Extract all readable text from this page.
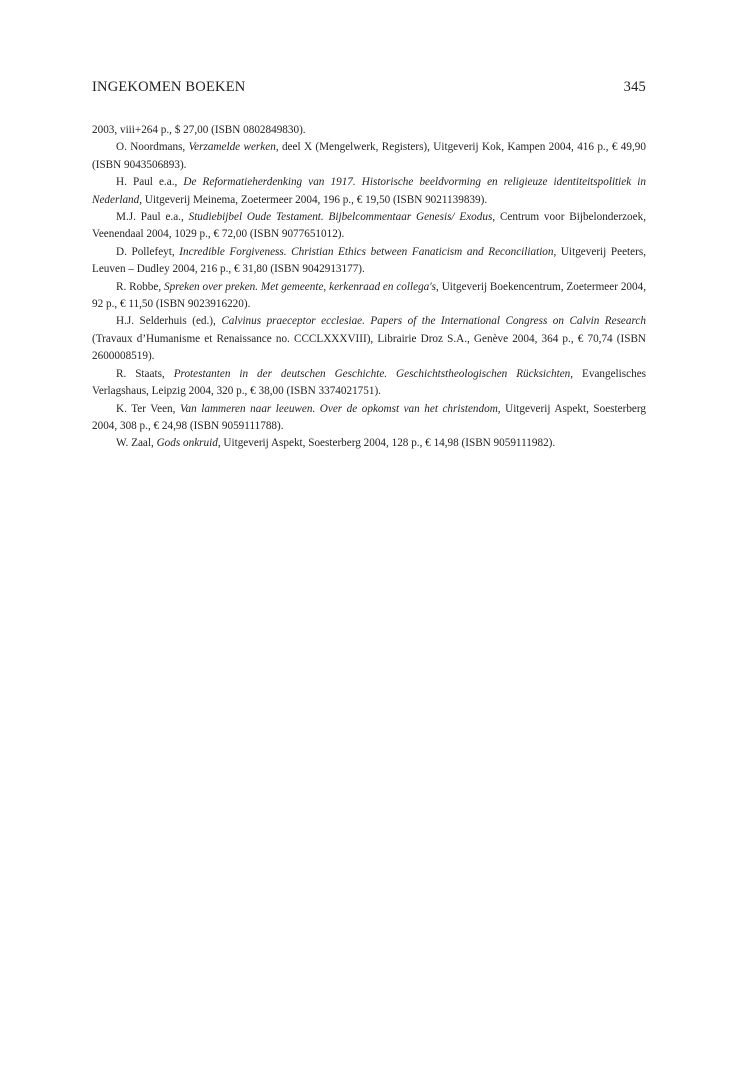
INGEKOMEN BOEKEN	345

2003, viii+264 p., $ 27,00 (ISBN 0802849830).

O. Noordmans, Verzamelde werken, deel X (Mengelwerk, Registers), Uitgeverij Kok, Kampen 2004, 416 p., € 49,90 (ISBN 9043506893).

H. Paul e.a., De Reformatieherdenking van 1917. Historische beeldvorming en religieuze identiteitspolitiek in Nederland, Uitgeverij Meinema, Zoetermeer 2004, 196 p., € 19,50 (ISBN 9021139839).

M.J. Paul e.a., Studiebijbel Oude Testament. Bijbelcommentaar Genesis/ Exodus, Centrum voor Bijbelonderzoek, Veenendaal 2004, 1029 p., € 72,00 (ISBN 9077651012).

D. Pollefeyt, Incredible Forgiveness. Christian Ethics between Fanaticism and Reconciliation, Uitgeverij Peeters, Leuven – Dudley 2004, 216 p., € 31,80 (ISBN 9042913177).

R. Robbe, Spreken over preken. Met gemeente, kerkenraad en collega's, Uitgeverij Boekencentrum, Zoetermeer 2004, 92 p., € 11,50 (ISBN 9023916220).

H.J. Selderhuis (ed.), Calvinus praeceptor ecclesiae. Papers of the International Congress on Calvin Research (Travaux d’Humanisme et Renaissance no. CCCLXXXVIII), Librairie Droz S.A., Genève 2004, 364 p., € 70,74 (ISBN 2600008519).

R. Staats, Protestanten in der deutschen Geschichte. Geschichtstheologischen Rücksichten, Evangelisches Verlagshaus, Leipzig 2004, 320 p., € 38,00 (ISBN 3374021751).

K. Ter Veen, Van lammeren naar leeuwen. Over de opkomst van het christendom, Uitgeverij Aspekt, Soesterberg 2004, 308 p., € 24,98 (ISBN 9059111788).

W. Zaal, Gods onkruid, Uitgeverij Aspekt, Soesterberg 2004, 128 p., € 14,98 (ISBN 9059111982).
